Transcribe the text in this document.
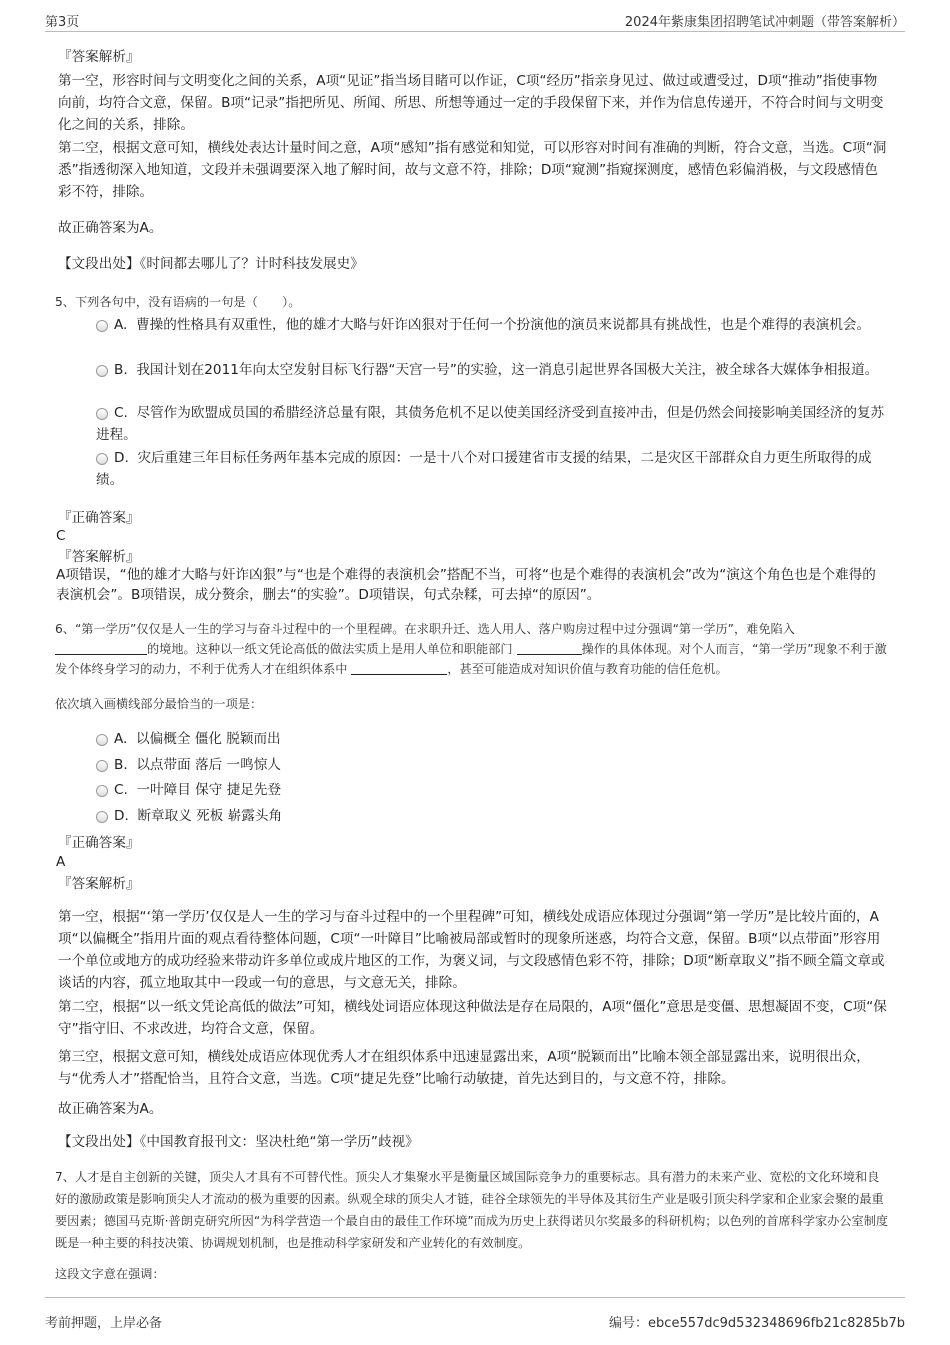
第3页	2024年紫康集团招聘笔试冲刺题（带答案解析）
『答案解析』
第一空，形容时间与文明变化之间的关系，A项“见证”指当场目睹可以作证，C项“经历”指亲身见过、做过或遭受过，D项“推动”指使事物向前，均符合文意，保留。B项“记录”指把所见、所闻、所思、所想等通过一定的手段保留下来，并作为信息传递开，不符合时间与文明变化之间的关系，排除。
第二空，根据文意可知，横线处表达计量时间之意，A项“感知”指有感觉和知觉，可以形容对时间有准确的判断，符合文意，当选。C项“洞悉”指透彻深入地知道，文段并未强调要深入地了解时间，故与文意不符，排除；D项“窥测”指窥探测度，感情色彩偏消极，与文段感情色彩不符，排除。
故正确答案为A。
【文段出处】《时间都去哪儿了？计时科技发展史》
5、下列各句中，没有语病的一句是（　　）。
A. 曹操的性格具有双重性，他的雄才大略与奸诈凶狠对于任何一个扮演他的演员来说都具有挑战性，也是个难得的表演机会。
B. 我国计划在2011年向太空发射目标飞行器“天宫一号”的实验，这一消息引起世界各国极大关注，被全球各大媒体争相报道。
C. 尽管作为欧盟成员国的希腊经济总量有限，其债务危机不足以使美国经济受到直接冲击，但是仍然会间接影响美国经济的复苏进程。
D. 灾后重建三年目标任务两年基本完成的原因：一是十八个对口援建省市支援的结果，二是灾区干部群众自力更生所取得的成绩。
『正确答案』
C
『答案解析』
A项错误，“他的雄才大略与奸诈凶狠”与“也是个难得的表演机会”搭配不当，可将“也是个难得的表演机会”改为“演这个角色也是个难得的表演机会”。B项错误，成分赘余，删去“的实验”。D项错误，句式杂糅，可去掉“的原因”。
6、“第一学历”仅仅是人一生的学习与奋斗过程中的一个里程碑。在求职升迁、选人用人、落户购房过程中过分强调“第一学历”，难免陷入 的境地。这种以一纸文凭论高低的做法实质上是用人单位和职能部门	操作的具体体现。对个人而言，“第一学历”现象不利于激发个体终身学习的动力，不利于优秀人才在组织体系中	，甚至可能造成对知识价值与教育功能的信任危机。
依次填入画横线部分最恰当的一项是：
A. 以偏概全 僵化 脱颖而出
B. 以点带面 落后 一鸣惊人
C. 一叶障目 保守 捷足先登
D. 断章取义 死板 崭露头角
『正确答案』
A
『答案解析』
第一空，根据“‘第一学历’仅仅是人一生的学习与奋斗过程中的一个里程碑”可知，横线处成语应体现过分强调“第一学历”是比较片面的，A项“以偏概全”指用片面的观点看待整体问题，C项“一叶障目”比喻被局部或暂时的现象所迷惑，均符合文意，保留。B项“以点带面”形容用一个单位或地方的成功经验来带动许多单位或成片地区的工作，为褒义词，与文段感情色彩不符，排除；D项“断章取义”指不顾全篇文章或谈话的内容，孤立地取其中一段或一句的意思，与文意无关，排除。
第二空，根据“以一纸文凭论高低的做法”可知，横线处词语应体现这种做法是存在局限的，A项“僵化”意思是变僵、思想凝固不变，C项“保守”指守旧、不求改进，均符合文意，保留。
第三空，根据文意可知，横线处成语应体现优秀人才在组织体系中迅速显露出来，A项“脱颖而出”比喻本领全部显露出来，说明很出众，与“优秀人才”搭配恰当，且符合文意，当选。C项“捷足先登”比喻行动敏捷，首先达到目的，与文意不符，排除。
故正确答案为A。
【文段出处】《中国教育报刊文：坚决杜绝“第一学历”歧视》
7、人才是自主创新的关键，顶尖人才具有不可替代性。顶尖人才集聚水平是衡量区域国际竞争力的重要标志。具有潜力的未来产业、宽松的文化环境和良好的激励政策是影响顶尖人才流动的极为重要的因素。纵观全球的顶尖人才链，硅谷全球领先的半导体及其衍生产业是吸引顶尖科学家和企业家会聚的最重要因素；德国马克斯·普朗克研究所因“为科学营造一个最自由的最佳工作环境”而成为历史上获得诺贝尔奖最多的科研机构；以色列的首席科学家办公室制度既是一种主要的科技决策、协调规划机制，也是推动科学家研发和产业转化的有效制度。
这段文字意在强调：
考前押题，上岸必备	编号：ebce557dc9d532348696fb21c8285b7b
